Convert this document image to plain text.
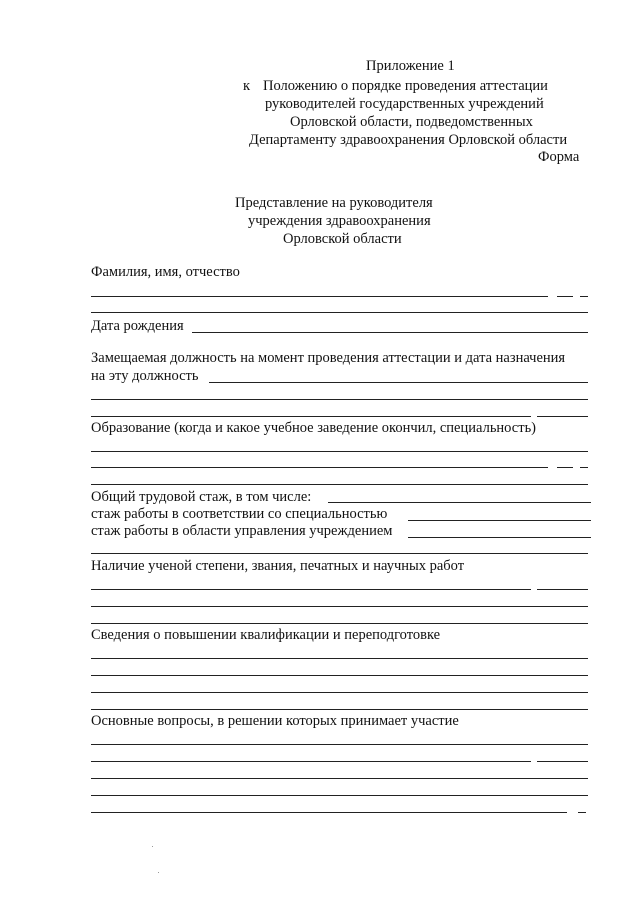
Приложение 1
к Положению о порядке проведения аттестации
руководителей государственных учреждений
Орловской области, подведомственных
Департаменту здравоохранения Орловской области
Форма
Представление на руководителя
учреждения здравоохранения
Орловской области
Фамилия, имя, отчество
Дата рождения
Замещаемая должность на момент проведения аттестации и дата назначения
на эту должность
Образование (когда и какое учебное заведение окончил, специальность)
Общий трудовой стаж, в том числе:
стаж работы в соответствии со специальностью
стаж работы в области управления учреждением
Наличие ученой степени, звания, печатных и научных работ
Сведения о повышении квалификации и переподготовке
Основные вопросы, в решении которых принимает участие
